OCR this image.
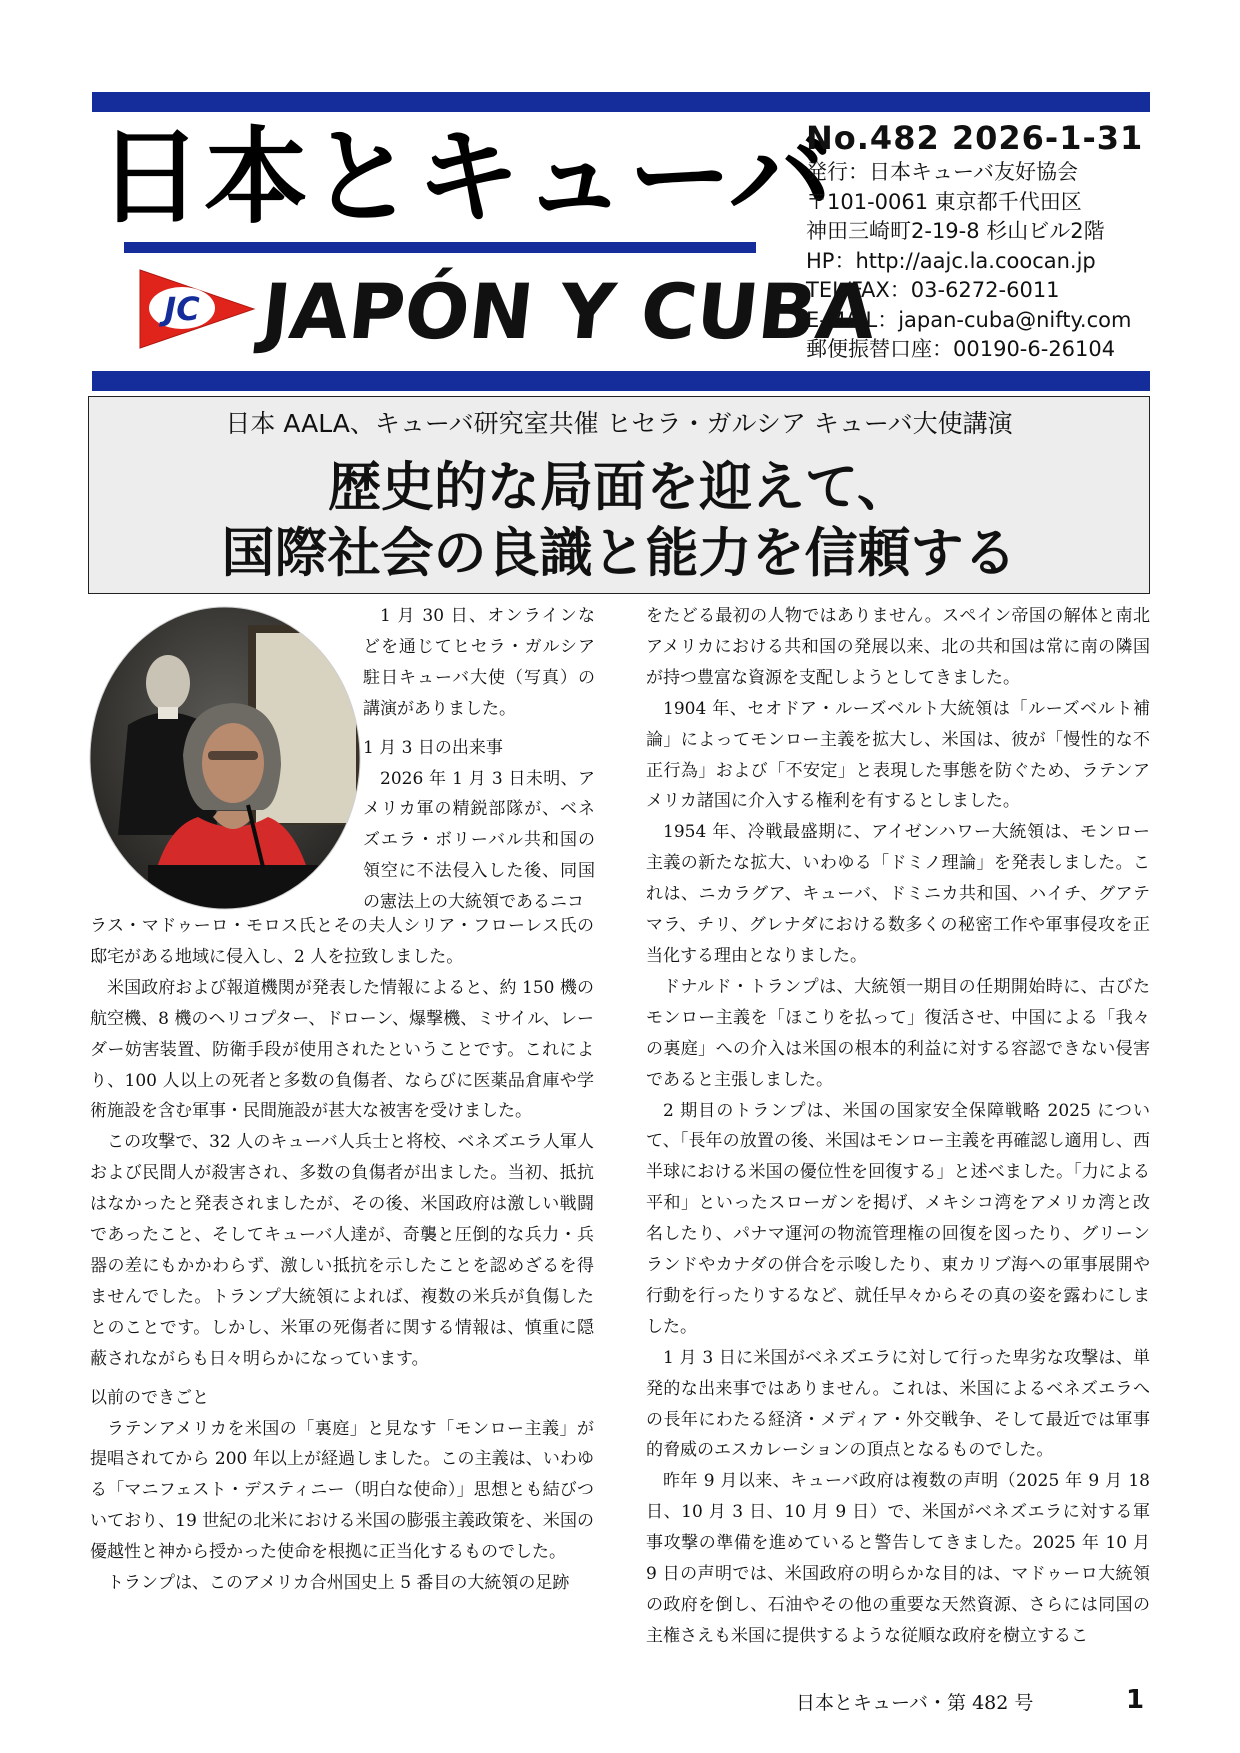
日本とキューバ
JC JAPÓN Y CUBA
No.482 2026-1-31
発行：日本キューバ友好協会
〒101-0061 東京都千代田区
神田三崎町2-19-8 杉山ビル2階
HP：http://aajc.la.coocan.jp
TEL/FAX：03-6272-6011
E-MAIL：japan-cuba@nifty.com
郵便振替口座：00190-6-26104
日本 AALA、キューバ研究室共催 ヒセラ・ガルシア キューバ大使講演
歴史的な局面を迎えて、
国際社会の良識と能力を信頼する

1 月 30 日、オンラインなどを通じてヒセラ・ガルシア駐日キューバ大使（写真）の講演がありました。

1 月 3 日の出来事

2026 年 1 月 3 日未明、アメリカ軍の精鋭部隊が、ベネズエラ・ボリーバル共和国の領空に不法侵入した後、同国の憲法上の大統領であるニコ

ラス・マドゥーロ・モロス氏とその夫人シリア・フローレス氏の邸宅がある地域に侵入し、2 人を拉致しました。

米国政府および報道機関が発表した情報によると、約 150 機の航空機、8 機のヘリコプター、ドローン、爆撃機、ミサイル、レーダー妨害装置、防衛手段が使用されたということです。これにより、100 人以上の死者と多数の負傷者、ならびに医薬品倉庫や学術施設を含む軍事・民間施設が甚大な被害を受けました。

この攻撃で、32 人のキューバ人兵士と将校、ベネズエラ人軍人および民間人が殺害され、多数の負傷者が出ました。当初、抵抗はなかったと発表されましたが、その後、米国政府は激しい戦闘であったこと、そしてキューバ人達が、奇襲と圧倒的な兵力・兵器の差にもかかわらず、激しい抵抗を示したことを認めざるを得ませんでした。トランプ大統領によれば、複数の米兵が負傷したとのことです。しかし、米軍の死傷者に関する情報は、慎重に隠蔽されながらも日々明らかになっています。

以前のできごと

ラテンアメリカを米国の「裏庭」と見なす「モンロー主義」が提唱されてから 200 年以上が経過しました。この主義は、いわゆる「マニフェスト・デスティニー（明白な使命）」思想とも結びついており、19 世紀の北米における米国の膨張主義政策を、米国の優越性と神から授かった使命を根拠に正当化するものでした。

トランプは、このアメリカ合州国史上 5 番目の大統領の足跡

をたどる最初の人物ではありません。スペイン帝国の解体と南北アメリカにおける共和国の発展以来、北の共和国は常に南の隣国が持つ豊富な資源を支配しようとしてきました。

1904 年、セオドア・ルーズベルト大統領は「ルーズベルト補論」によってモンロー主義を拡大し、米国は、彼が「慢性的な不正行為」および「不安定」と表現した事態を防ぐため、ラテンアメリカ諸国に介入する権利を有するとしました。

1954 年、冷戦最盛期に、アイゼンハワー大統領は、モンロー主義の新たな拡大、いわゆる「ドミノ理論」を発表しました。これは、ニカラグア、キューバ、ドミニカ共和国、ハイチ、グアテマラ、チリ、グレナダにおける数多くの秘密工作や軍事侵攻を正当化する理由となりました。

ドナルド・トランプは、大統領一期目の任期開始時に、古びたモンロー主義を「ほこりを払って」復活させ、中国による「我々の裏庭」への介入は米国の根本的利益に対する容認できない侵害であると主張しました。

2 期目のトランプは、米国の国家安全保障戦略 2025 について、「長年の放置の後、米国はモンロー主義を再確認し適用し、西半球における米国の優位性を回復する」と述べました。「力による平和」といったスローガンを掲げ、メキシコ湾をアメリカ湾と改名したり、パナマ運河の物流管理権の回復を図ったり、グリーンランドやカナダの併合を示唆したり、東カリブ海への軍事展開や行動を行ったりするなど、就任早々からその真の姿を露わにしました。

1 月 3 日に米国がベネズエラに対して行った卑劣な攻撃は、単発的な出来事ではありません。これは、米国によるベネズエラへの長年にわたる経済・メディア・外交戦争、そして最近では軍事的脅威のエスカレーションの頂点となるものでした。

昨年 9 月以来、キューバ政府は複数の声明（2025 年 9 月 18 日、10 月 3 日、10 月 9 日）で、米国がベネズエラに対する軍事攻撃の準備を進めていると警告してきました。2025 年 10 月 9 日の声明では、米国政府の明らかな目的は、マドゥーロ大統領の政府を倒し、石油やその他の重要な天然資源、さらには同国の主権さえも米国に提供するような従順な政府を樹立するこ

日本とキューバ・第 482 号	1
